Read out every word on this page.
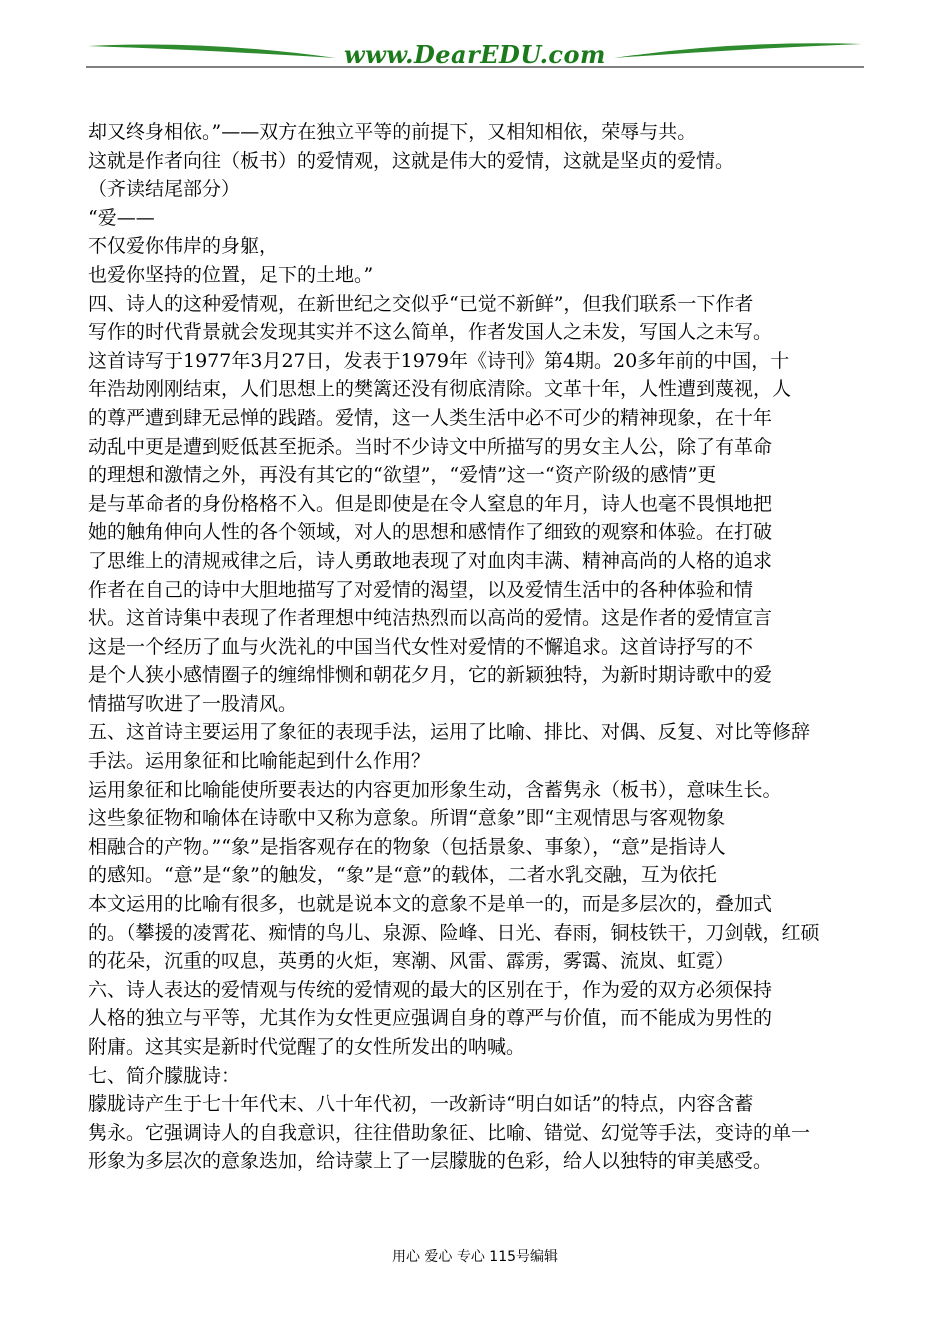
www.DearEDU.com
却又终身相依。”——双方在独立平等的前提下，又相知相依，荣辱与共。
这就是作者向往（板书）的爱情观，这就是伟大的爱情，这就是坚贞的爱情。
（齐读结尾部分）
“爱——
不仅爱你伟岸的身躯，
也爱你坚持的位置，足下的土地。”
四、诗人的这种爱情观，在新世纪之交似乎“已觉不新鲜”，但我们联系一下作者
写作的时代背景就会发现其实并不这么简单，作者发国人之未发，写国人之未写。
这首诗写于1977年3月27日，发表于1979年《诗刊》第4期。20多年前的中国，十
年浩劫刚刚结束，人们思想上的樊篱还没有彻底清除。文革十年，人性遭到蔑视，人
的尊严遭到肆无忌惮的践踏。爱情，这一人类生活中必不可少的精神现象，在十年
动乱中更是遭到贬低甚至扼杀。当时不少诗文中所描写的男女主人公，除了有革命
的理想和激情之外，再没有其它的“欲望”，“爱情”这一“资产阶级的感情”更
是与革命者的身份格格不入。但是即使是在令人窒息的年月，诗人也毫不畏惧地把
她的触角伸向人性的各个领域，对人的思想和感情作了细致的观察和体验。在打破
了思维上的清规戒律之后，诗人勇敢地表现了对血肉丰满、精神高尚的人格的追求
作者在自己的诗中大胆地描写了对爱情的渴望，以及爱情生活中的各种体验和情
状。这首诗集中表现了作者理想中纯洁热烈而以高尚的爱情。这是作者的爱情宣言
这是一个经历了血与火洗礼的中国当代女性对爱情的不懈追求。这首诗抒写的不
是个人狭小感情圈子的缠绵悱恻和朝花夕月，它的新颖独特，为新时期诗歌中的爱
情描写吹进了一股清风。
五、这首诗主要运用了象征的表现手法，运用了比喻、排比、对偶、反复、对比等修辞
手法。运用象征和比喻能起到什么作用？
运用象征和比喻能使所要表达的内容更加形象生动，含蓄隽永（板书），意味生长。
这些象征物和喻体在诗歌中又称为意象。所谓“意象”即“主观情思与客观物象
相融合的产物。”“象”是指客观存在的物象（包括景象、事象），“意”是指诗人
的感知。“意”是“象”的触发，“象”是“意”的载体，二者水乳交融，互为依托
本文运用的比喻有很多，也就是说本文的意象不是单一的，而是多层次的，叠加式
的。（攀援的凌霄花、痴情的鸟儿、泉源、险峰、日光、春雨，铜枝铁干，刀剑戟，红硕
的花朵，沉重的叹息，英勇的火炬，寒潮、风雷、霹雳，雾霭、流岚、虹霓）
六、诗人表达的爱情观与传统的爱情观的最大的区别在于，作为爱的双方必须保持
人格的独立与平等，尤其作为女性更应强调自身的尊严与价值，而不能成为男性的
附庸。这其实是新时代觉醒了的女性所发出的呐喊。
七、简介朦胧诗：
朦胧诗产生于七十年代末、八十年代初，一改新诗“明白如话”的特点，内容含蓄
隽永。它强调诗人的自我意识，往往借助象征、比喻、错觉、幻觉等手法，变诗的单一
形象为多层次的意象迭加，给诗蒙上了一层朦胧的色彩，给人以独特的审美感受。
用心 爱心 专心 115号编辑
